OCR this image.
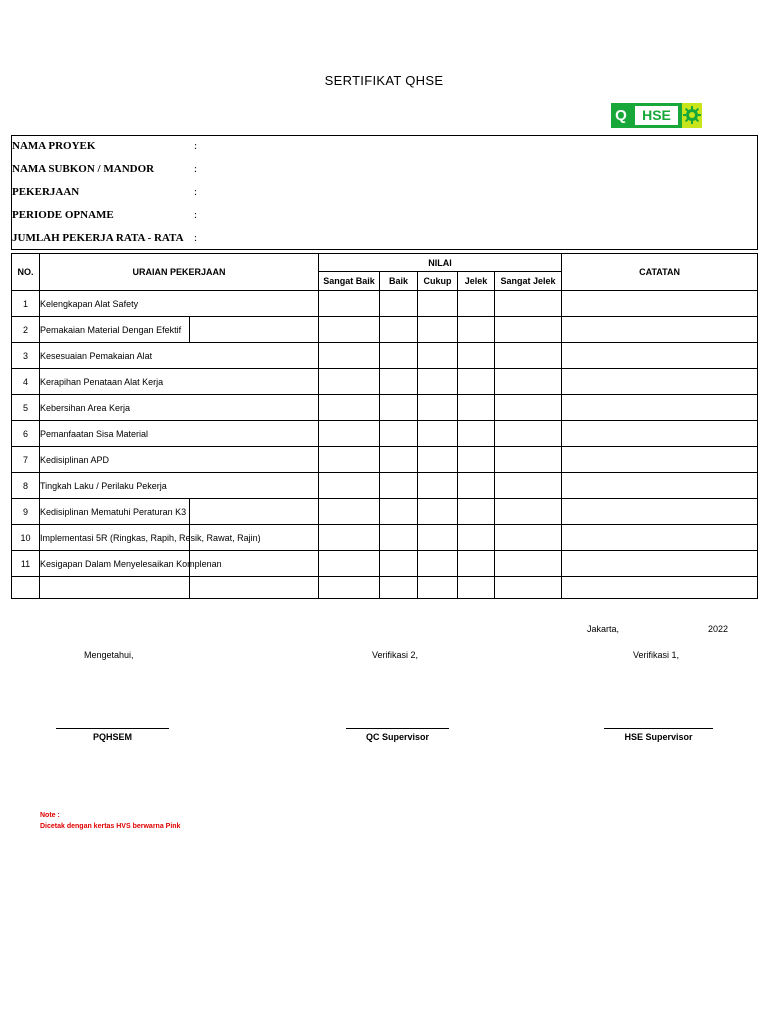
SERTIFIKAT QHSE
Q	HSE
NAMA PROYEK	:
NAMA SUBKON / MANDOR	:
PEKERJAAN	:
PERIODE OPNAME	:
JUMLAH PEKERJA RATA - RATA :
NO.	URAIAN PEKERJAAN	NILAI					CATATAN
		Sangat Baik	Baik	Cukup	Jelek	Sangat Jelek	
1	Kelengkapan Alat Safety						
2	Pemakaian Material Dengan Efektif

3	Kesesuaian Pemakaian Alat						
4	Kerapihan Penataan Alat Kerja						
5	Kebersihan Area Kerja						
6	Pemanfaatan Sisa Material						
7	Kedisiplinan APD						
8	Tingkah Laku / Perilaku Pekerja						
9	Kedisiplinan Mematuhi Peraturan K3

10	Implementasi 5R (Ringkas, Rapih, Resik, Rawat, Rajin)

11	Kesigapan Dalam Menyelesaikan Komplenan

Jakarta,	2022
Mengetahui,	Verifikasi 2,	Verifikasi 1,
PQHSEM	QC Supervisor	HSE Supervisor
Note :
Dicetak dengan kertas HVS berwarna Pink
